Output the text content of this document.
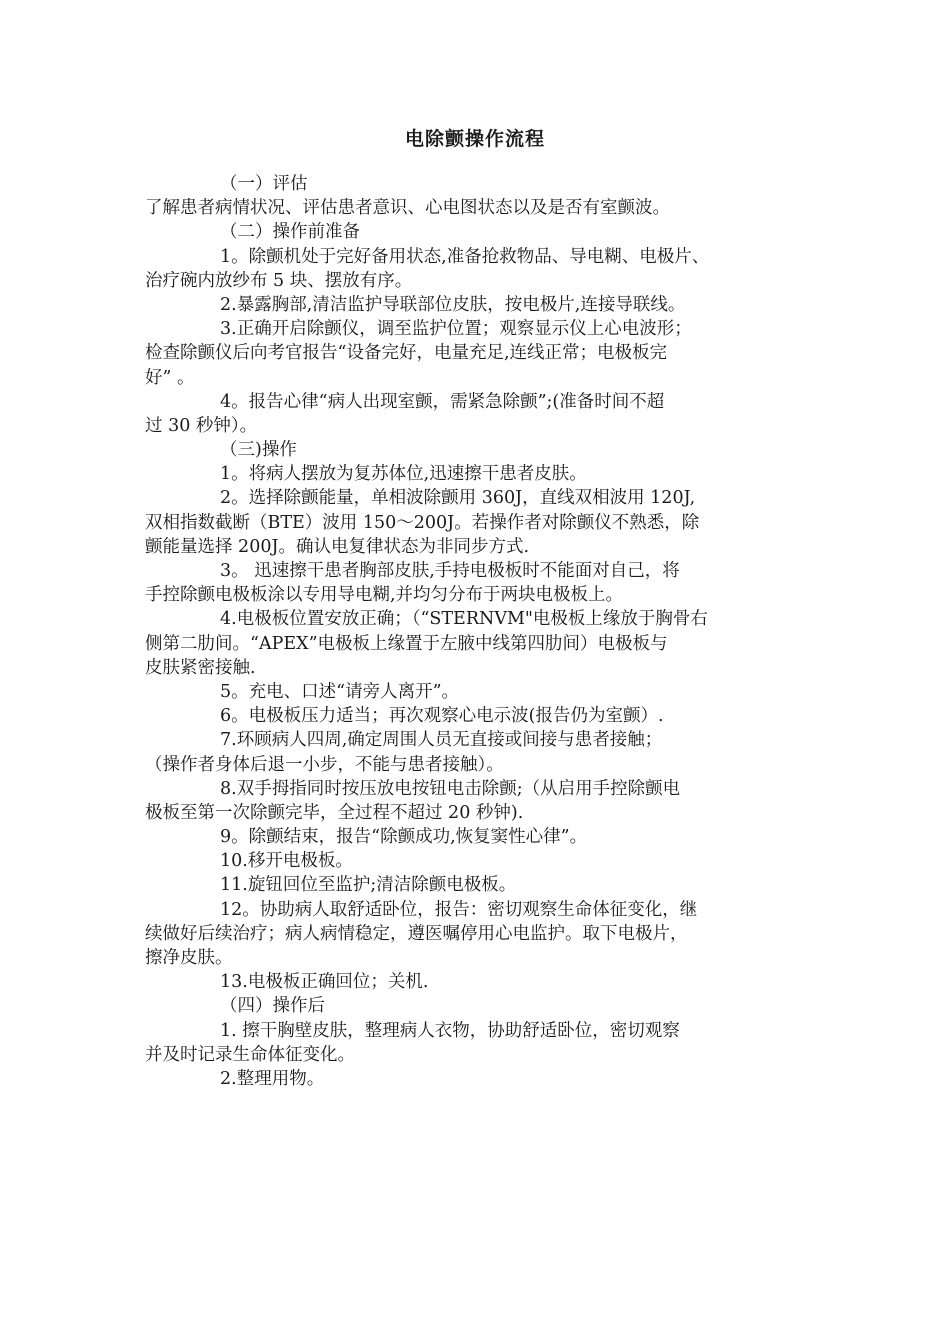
电除颤操作流程
（一）评估
了解患者病情状况、评估患者意识、心电图状态以及是否有室颤波。
（二）操作前准备
1。除颤机处于完好备用状态,准备抢救物品、导电糊、电极片、
治疗碗内放纱布 5 块、摆放有序。
2.暴露胸部,清洁监护导联部位皮肤，按电极片,连接导联线。
3.正确开启除颤仪，调至监护位置；观察显示仪上心电波形；
检查除颤仪后向考官报告“设备完好，电量充足,连线正常；电极板完
好” 。
4。报告心律“病人出现室颤，需紧急除颤”;(准备时间不超
过 30 秒钟）。
（三)操作
1。将病人摆放为复苏体位,迅速擦干患者皮肤。
2。选择除颤能量，单相波除颤用 360J，直线双相波用 120J,
双相指数截断（BTE）波用 150～200J。若操作者对除颤仪不熟悉，除
颤能量选择 200J。确认电复律状态为非同步方式.
3。 迅速擦干患者胸部皮肤,手持电极板时不能面对自己，将
手控除颤电极板涂以专用导电糊,并均匀分布于两块电极板上。
4.电极板位置安放正确；（“STERNVM"电极板上缘放于胸骨右
侧第二肋间。“APEX”电极板上缘置于左腋中线第四肋间）电极板与
皮肤紧密接触.
5。充电、口述“请旁人离开”。
6。电极板压力适当；再次观察心电示波(报告仍为室颤）.
7.环顾病人四周,确定周围人员无直接或间接与患者接触；
（操作者身体后退一小步，不能与患者接触）。
8.双手拇指同时按压放电按钮电击除颤;（从启用手控除颤电
极板至第一次除颤完毕，全过程不超过 20 秒钟).
9。除颤结束，报告“除颤成功,恢复窦性心律”。
10.移开电极板。
11.旋钮回位至监护;清洁除颤电极板。
12。协助病人取舒适卧位，报告：密切观察生命体征变化，继
续做好后续治疗；病人病情稳定，遵医嘱停用心电监护。取下电极片，
擦净皮肤。
13.电极板正确回位；关机.
（四）操作后
1. 擦干胸壁皮肤，整理病人衣物，协助舒适卧位，密切观察
并及时记录生命体征变化。
2.整理用物。
